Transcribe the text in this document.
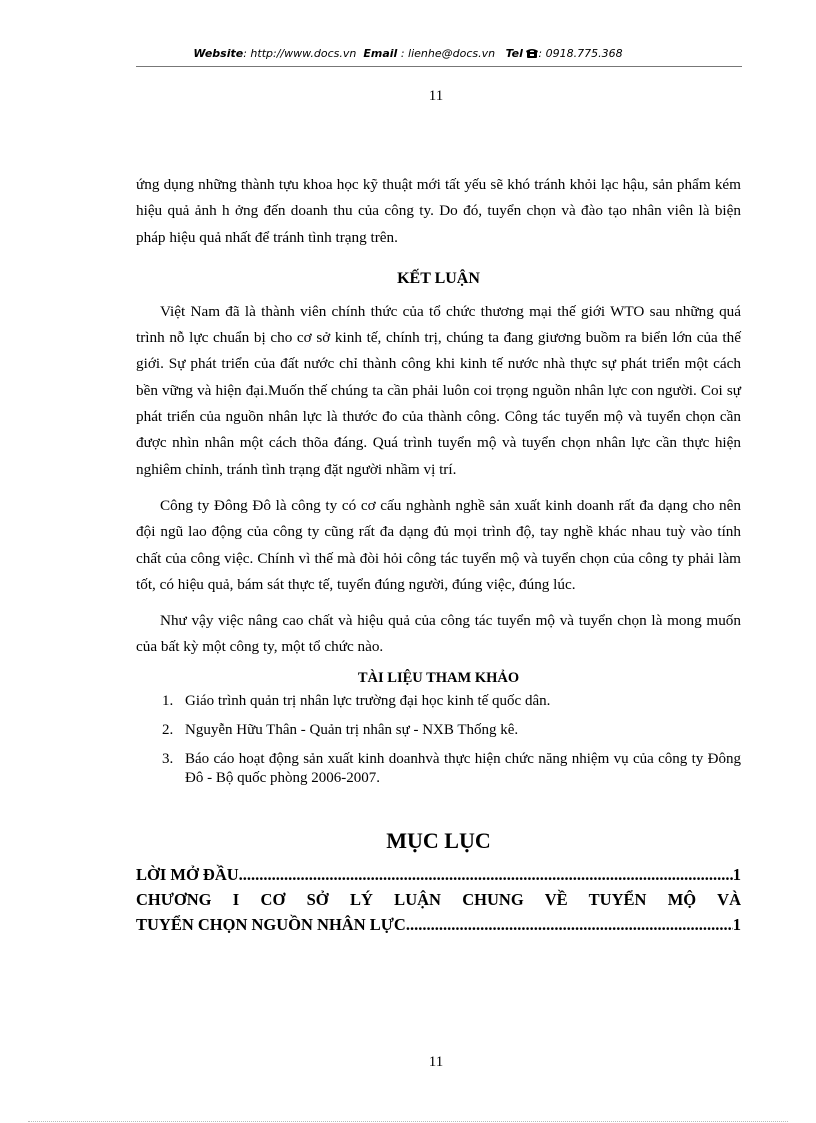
Website: http://www.docs.vn Email : lienhe@docs.vn Tel : 0918.775.368
11

ứng dụng những thành tựu khoa học kỹ thuật mới tất yếu sẽ khó tránh khỏi lạc hậu, sản phẩm kém hiệu quả ảnh h ởng đến doanh thu của công ty. Do đó, tuyển chọn và đào tạo nhân viên là biện pháp hiệu quả nhất để tránh tình trạng trên.

KẾT LUẬN

Việt Nam đã là thành viên chính thức của tổ chức thương mại thế giới WTO sau những quá trình nỗ lực chuẩn bị cho cơ sở kinh tế, chính trị, chúng ta đang giương buồm ra biển lớn của thế giới. Sự phát triển của đất nước chỉ thành công khi kinh tế nước nhà thực sự phát triển một cách bền vững và hiện đại.Muốn thế chúng ta cần phải luôn coi trọng nguồn nhân lực con người. Coi sự phát triển của nguồn nhân lực là thước đo của thành công. Công tác tuyển mộ và tuyển chọn cần được nhìn nhân một cách thõa đáng. Quá trình tuyển mộ và tuyển chọn nhân lực cần thực hiện nghiêm chỉnh, tránh tình trạng đặt người nhầm vị trí.

Công ty Đông Đô là công ty có cơ cấu nghành nghề sản xuất kinh doanh rất đa dạng cho nên đội ngũ lao động của công ty cũng rất đa dạng đủ mọi trình độ, tay nghề khác nhau tuỳ vào tính chất của công việc. Chính vì thế mà đòi hỏi công tác tuyển mộ và tuyển chọn của công ty phải làm tốt, có hiệu quả, bám sát thực tế, tuyển đúng người, đúng việc, đúng lúc.

Như vậy việc nâng cao chất và hiệu quả của công tác tuyển mộ và tuyển chọn là mong muốn của bất kỳ một công ty, một tổ chức nào.

TÀI LIỆU THAM KHẢO

1. Giáo trình quản trị nhân lực trường đại học kinh tế quốc dân.
2. Nguyễn Hữu Thân - Quản trị nhân sự - NXB Thống kê.
3. Báo cáo hoạt động sản xuất kinh doanhvà thực hiện chức năng nhiệm vụ của công ty Đông Đô - Bộ quốc phòng 2006-2007.

MỤC LỤC

LỜI MỞ ĐẦU .....	1
CHƯƠNG I CƠ SỞ LÝ LUẬN CHUNG VỀ TUYỂN MỘ VÀ
TUYỂN CHỌN NGUỒN NHÂN LỰC .....	1
11
